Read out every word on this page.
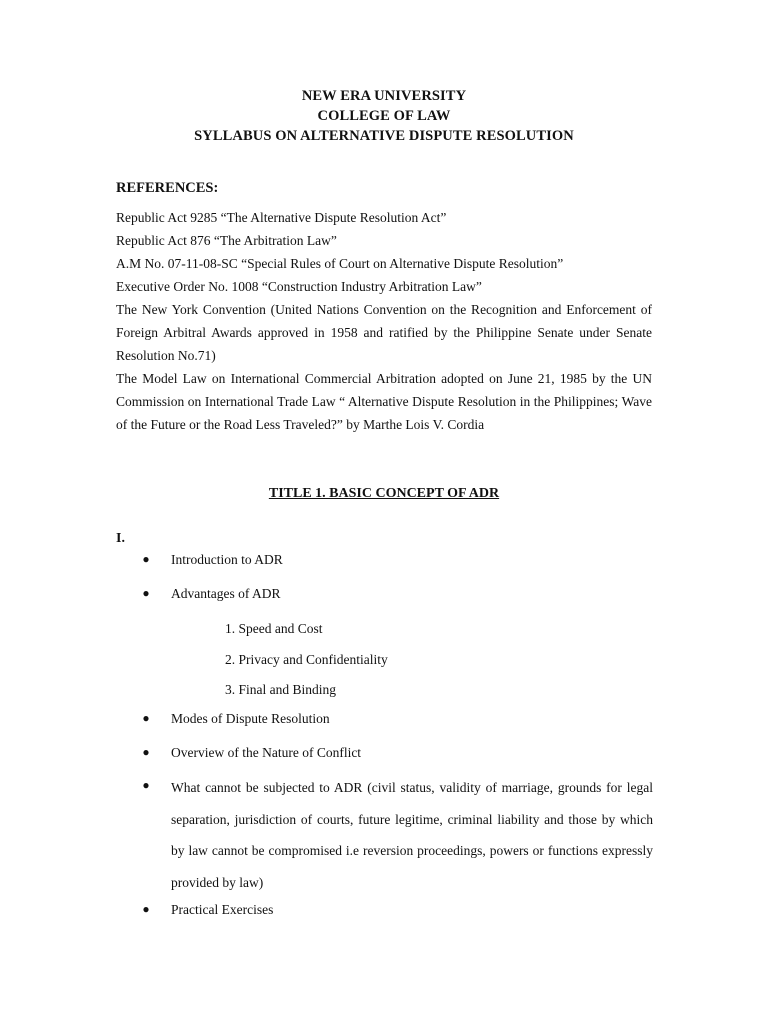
NEW ERA UNIVERSITY
COLLEGE OF LAW
SYLLABUS ON ALTERNATIVE DISPUTE RESOLUTION
REFERENCES:

Republic Act 9285 “The Alternative Dispute Resolution Act”

Republic Act 876 “The Arbitration Law”

A.M No. 07-11-08-SC “Special Rules of Court on Alternative Dispute Resolution”

Executive Order No. 1008 “Construction Industry Arbitration Law”

The New York Convention (United Nations Convention on the Recognition and Enforcement of Foreign Arbitral Awards approved in 1958 and ratified by the Philippine Senate under Senate Resolution No.71)

The Model Law on International Commercial Arbitration adopted on June 21, 1985 by the UN Commission on International Trade Law “ Alternative Dispute Resolution in the Philippines; Wave of the Future or the Road Less Traveled?” by Marthe Lois V. Cordia

TITLE 1. BASIC CONCEPT OF ADR
I.
● Introduction to ADR
● Advantages of ADR
1. Speed and Cost
2. Privacy and Confidentiality
3. Final and Binding
● Modes of Dispute Resolution
● Overview of the Nature of Conflict
● What cannot be subjected to ADR (civil status, validity of marriage, grounds for legal separation, jurisdiction of courts, future legitime, criminal liability and those by which by law cannot be compromised i.e reversion proceedings, powers or functions expressly provided by law)
● Practical Exercises
